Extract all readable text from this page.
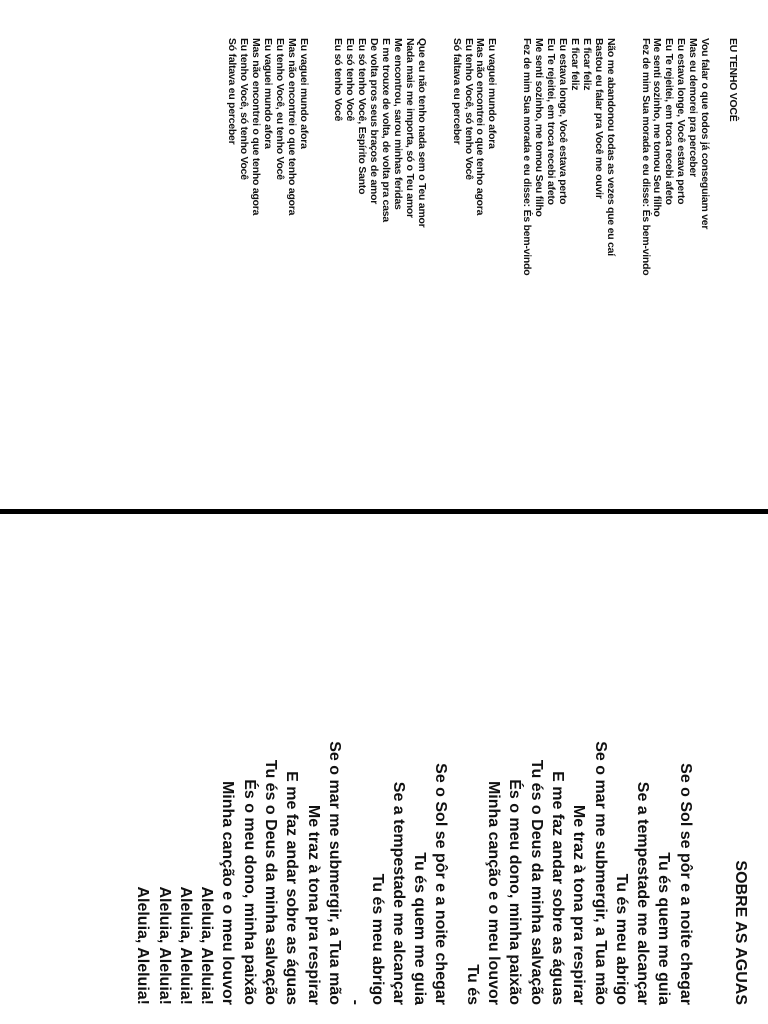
EU TENHO VOCÊ
Vou falar o que todos já conseguiam ver
Mas eu demorei pra perceber
Eu estava longe, Você estava perto
Eu Te rejeitei, em troca recebi afeto
Me senti sozinho, me tomou Seu filho
Fez de mim Sua morada e eu disse: És bem-vindo
Não me abandonou todas as vezes que eu caí
Bastou eu falar pra Você me ouvir
E ficar feliz
E ficar feliz
Eu estava longe, Você estava perto
Eu Te rejeitei, em troca recebi afeto
Me senti sozinho, me tomou Seu filho
Fez de mim Sua morada e eu disse: És bem-vindo
Eu vaguei mundo afora
Mas não encontrei o que tenho agora
Eu tenho Você, só tenho Você
Só faltava eu perceber
Que eu não tenho nada sem o Teu amor
Nada mais me importa, só o Teu amor
Me encontrou, sarou minhas feridas
E me trouxe de volta, de volta pra casa
De volta pros seus braços de amor
Eu só tenho Você, Espírito Santo
Eu só tenho Você
Eu só tenho Você
Eu vaguei mundo afora
Mas não encontrei o que tenho agora
Eu tenho Você, eu tenho Você
Eu vaguei mundo afora
Mas não encontrei o que tenho agora
Eu tenho Você, só tenho Você
Só faltava eu perceber
SOBRE AS AGUAS
Se o Sol se pôr e a noite chegar
Tu és quem me guia
Se a tempestade me alcançar
Tu és meu abrigo
Se o mar me submergir, a Tua mão
Me traz à tona pra respirar
E me faz andar sobre as águas
Tu és o Deus da minha salvação
És o meu dono, minha paixão
Minha canção e o meu louvor
Tu és
Se o Sol se pôr e a noite chegar
Tu és quem me guia
Se a tempestade me alcançar
Tu és meu abrigo
-
Se o mar me submergir, a Tua mão
Me traz à tona pra respirar
E me faz andar sobre as águas
Tu és o Deus da minha salvação
És o meu dono, minha paixão
Minha canção e o meu louvor
Aleluia, Aleluia!
Aleluia, Aleluia!
Aleluia, Aleluia!
Aleluia, Aleluia!
